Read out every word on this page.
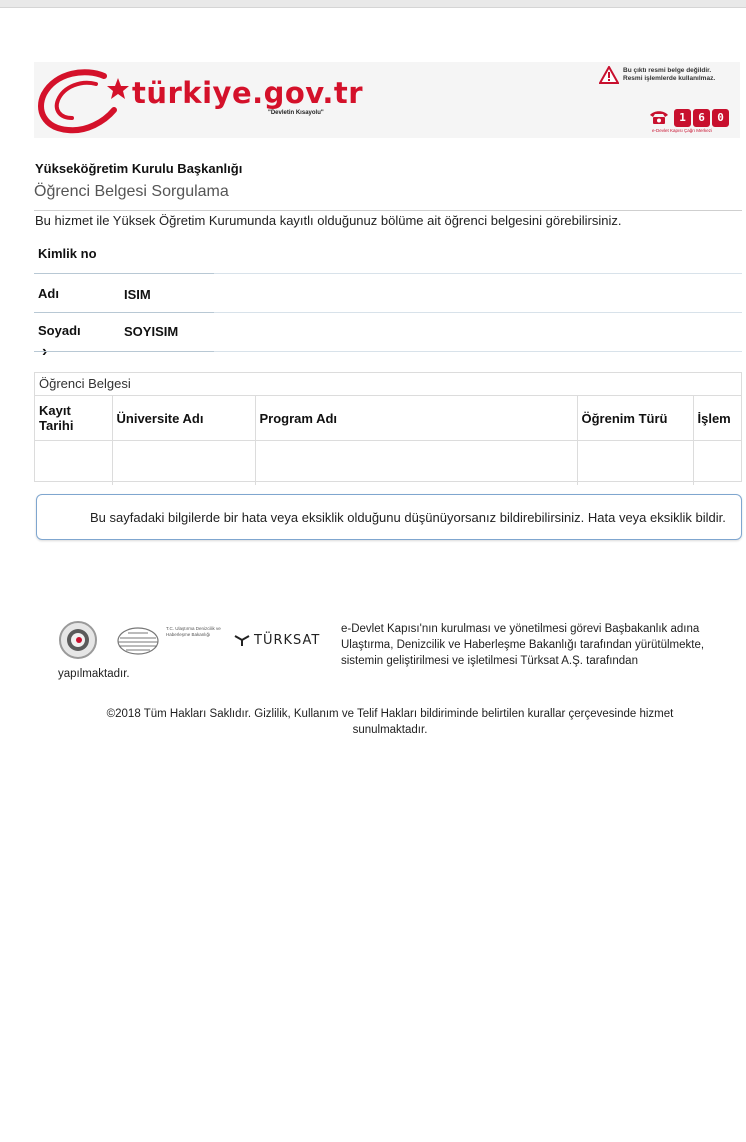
türkiye.gov.tr
"Devletin Kısayolu"
Bu çıktı resmi belge değildir.
Resmi işlemlerde kullanılmaz.
1	6	0
e-Devlet Kapısı Çağrı Merkezi
Yükseköğretim Kurulu Başkanlığı
Öğrenci Belgesi Sorgulama
Bu hizmet ile Yüksek Öğretim Kurumunda kayıtlı olduğunuz bölüme ait öğrenci belgesini görebilirsiniz.
Kimlik no
Adı	ISIM
Soyadı	SOYISIM
Öğrenci Belgesi
Kayıt Tarihi	Üniversite Adı	Program Adı	Öğrenim Türü	İşlem

Bu sayfadaki bilgilerde bir hata veya eksiklik olduğunu düşünüyorsanız bildirebilirsiniz. Hata veya eksiklik bildir.
T.C. Ulaştırma Denizcilik ve Haberleşme Bakanlığı	TÜRKSAT
e-Devlet Kapısı'nın kurulması ve yönetilmesi görevi Başbakanlık adına Ulaştırma, Denizcilik ve Haberleşme Bakanlığı tarafından yürütülmekte, sistemin geliştirilmesi ve işletilmesi Türksat A.Ş. tarafından
yapılmaktadır.
©2018 Tüm Hakları Saklıdır. Gizlilik, Kullanım ve Telif Hakları bildiriminde belirtilen kurallar çerçevesinde hizmet sunulmaktadır.
